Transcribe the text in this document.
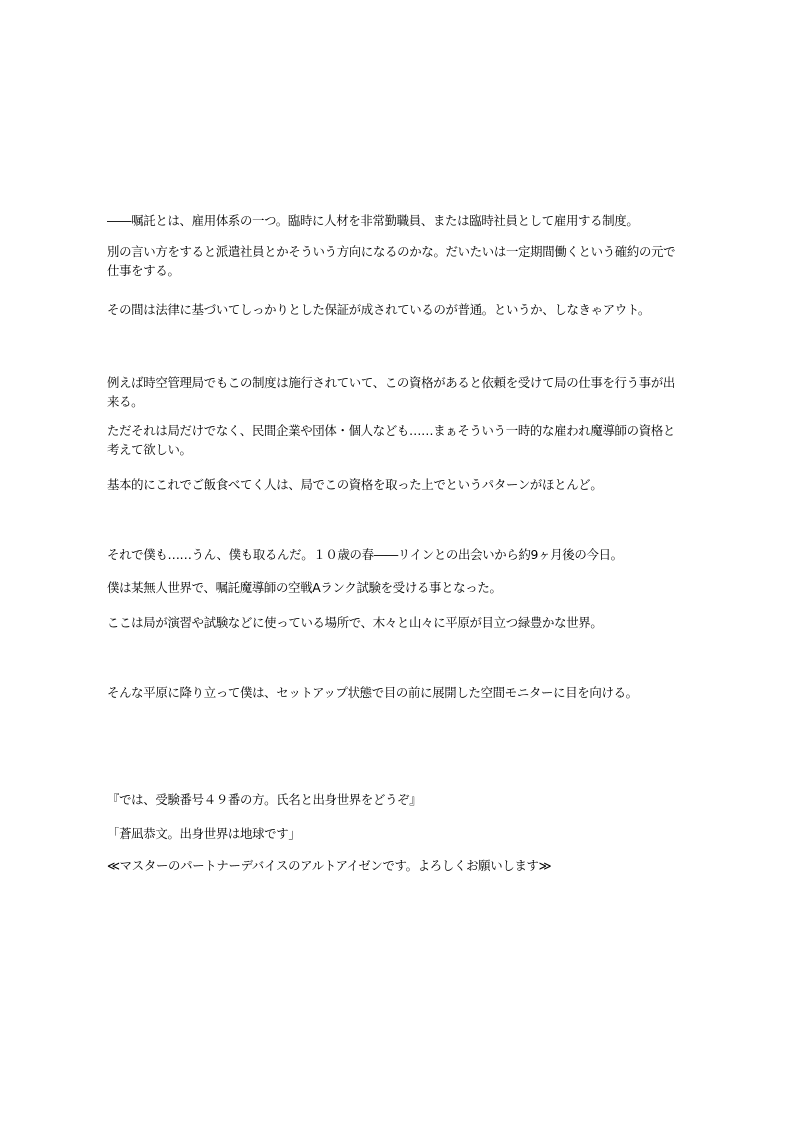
――嘱託とは、雇用体系の一つ。臨時に人材を非常勤職員、または臨時社員として雇用する制度。

別の言い方をすると派遣社員とかそういう方向になるのかな。だいたいは一定期間働くという確約の元で仕事をする。

その間は法律に基づいてしっかりとした保証が成されているのが普通。というか、しなきゃアウト。

例えば時空管理局でもこの制度は施行されていて、この資格があると依頼を受けて局の仕事を行う事が出来る。

ただそれは局だけでなく、民間企業や団体・個人なども……まぁそういう一時的な雇われ魔導師の資格と考えて欲しい。

基本的にこれでご飯食べてく人は、局でこの資格を取った上でというパターンがほとんど。

それで僕も……うん、僕も取るんだ。１０歳の春――リインとの出会いから約9ヶ月後の今日。

僕は某無人世界で、嘱託魔導師の空戦Aランク試験を受ける事となった。

ここは局が演習や試験などに使っている場所で、木々と山々に平原が目立つ緑豊かな世界。

そんな平原に降り立って僕は、セットアップ状態で目の前に展開した空間モニターに目を向ける。

『では、受験番号４９番の方。氏名と出身世界をどうぞ』

「蒼凪恭文。出身世界は地球です」

≪マスターのパートナーデバイスのアルトアイゼンです。よろしくお願いします≫
